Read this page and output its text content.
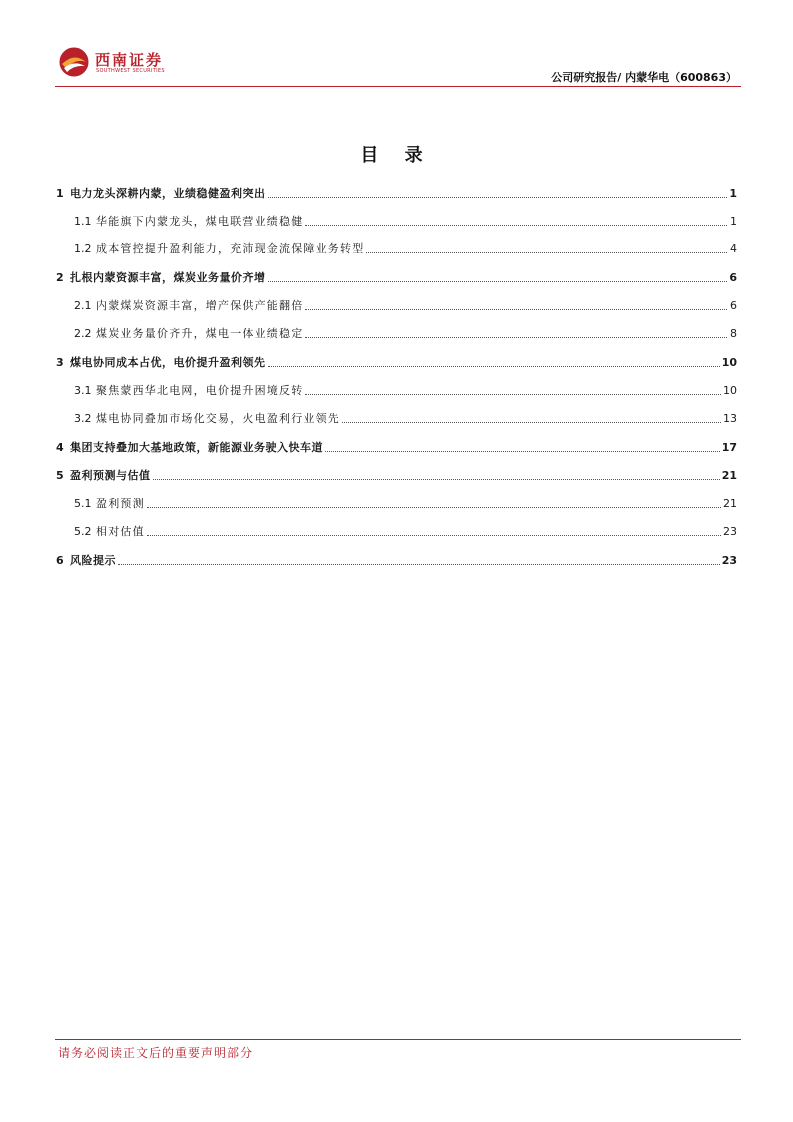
西南证券
SOUTHWEST SECURITIES	公司研究报告/ 内蒙华电（600863）
目 录
1 电力龙头深耕内蒙，业绩稳健盈利突出	1
1.1 华能旗下内蒙龙头，煤电联营业绩稳健	1
1.2 成本管控提升盈利能力，充沛现金流保障业务转型	4
2 扎根内蒙资源丰富，煤炭业务量价齐增	6
2.1 内蒙煤炭资源丰富，增产保供产能翻倍	6
2.2 煤炭业务量价齐升，煤电一体业绩稳定	8
3 煤电协同成本占优，电价提升盈利领先	10
3.1 聚焦蒙西华北电网，电价提升困境反转	10
3.2 煤电协同叠加市场化交易，火电盈利行业领先	13
4 集团支持叠加大基地政策，新能源业务驶入快车道	17
5 盈利预测与估值	21
5.1 盈利预测	21
5.2 相对估值	23
6 风险提示	23
请务必阅读正文后的重要声明部分
